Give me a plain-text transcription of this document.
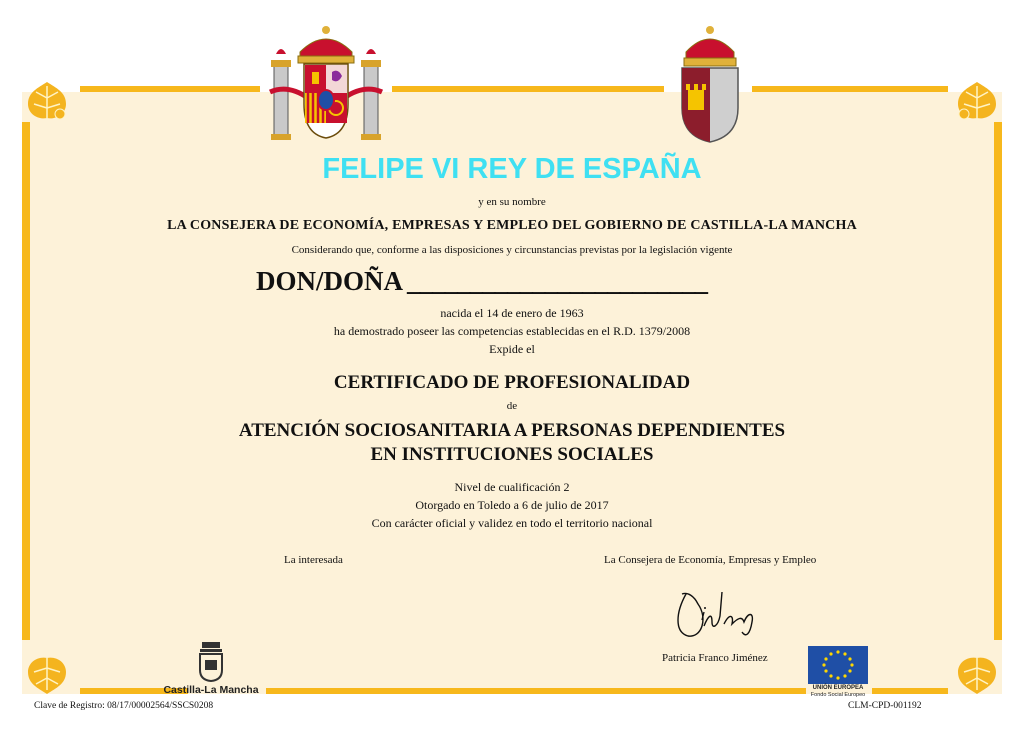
FELIPE VI REY DE ESPAÑA
y en su nombre
LA CONSEJERA DE ECONOMÍA, EMPRESAS Y EMPLEO DEL GOBIERNO DE CASTILLA-LA MANCHA
Considerando que, conforme a las disposiciones y circunstancias previstas por la legislación vigente
DON/DOÑA ________________________
nacida el 14 de enero de 1963
ha demostrado poseer las competencias establecidas en el R.D. 1379/2008
Expide el
CERTIFICADO DE PROFESIONALIDAD
de
ATENCIÓN SOCIOSANITARIA A PERSONAS DEPENDIENTES
EN INSTITUCIONES SOCIALES
Nivel de cualificación 2
Otorgado en Toledo a 6 de julio de 2017
Con carácter oficial y validez en todo el territorio nacional
La interesada	La Consejera de Economía, Empresas y Empleo
Patricia Franco Jiménez
Castilla-La Mancha	UNIÓN EUROPEA
Fondo Social Europeo
Clave de Registro: 08/17/00002564/SSCS0208	CLM-CPD-001192
